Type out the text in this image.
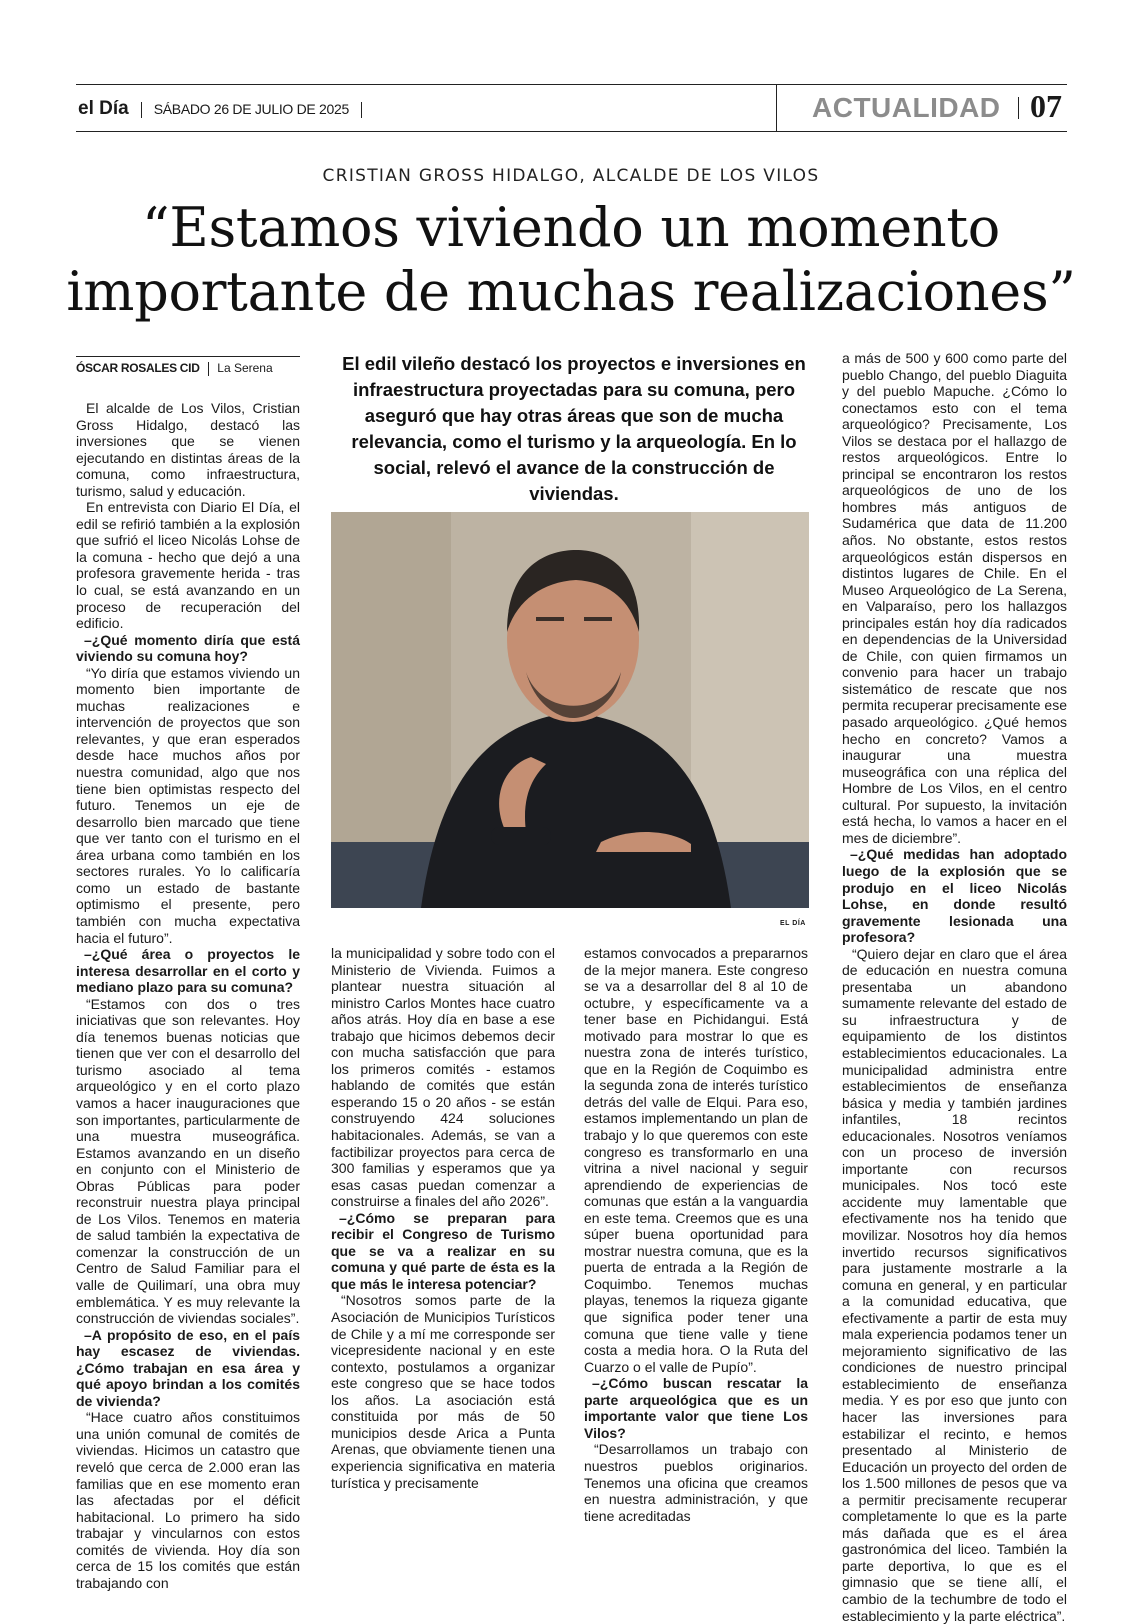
el Día SÁBADO 26 DE JULIO DE 2025	ACTUALIDAD 07
CRISTIAN GROSS HIDALGO, ALCALDE DE LOS VILOS
“Estamos viviendo un momento
importante de muchas realizaciones”
ÓSCAR ROSALES CID La Serena	El edil vileño destacó los proyectos e inversiones en infraestructura proyectadas para su comuna, pero aseguró que hay otras áreas que son de mucha relevancia, como el turismo y la arqueología. En lo social, relevó el avance de la construcción de viviendas.
EL DÍA

El alcalde de Los Vilos, Cristian Gross Hidalgo, destacó las inversiones que se vienen ejecutando en distintas áreas de la comuna, como infraestructura, turismo, salud y educación.

En entrevista con Diario El Día, el edil se refirió también a la explosión que sufrió el liceo Nicolás Lohse de la comuna - hecho que dejó a una profesora gravemente herida - tras lo cual, se está avanzando en un proceso de recuperación del edificio.

–¿Qué momento diría que está viviendo su comuna hoy?

“Yo diría que estamos viviendo un momento bien importante de muchas realizaciones e intervención de proyectos que son relevantes, y que eran esperados desde hace muchos años por nuestra comunidad, algo que nos tiene bien optimistas respecto del futuro. Tenemos un eje de desarrollo bien marcado que tiene que ver tanto con el turismo en el área urbana como también en los sectores rurales. Yo lo calificaría como un estado de bastante optimismo el presente, pero también con mucha expectativa hacia el futuro”.

–¿Qué área o proyectos le interesa desarrollar en el corto y mediano plazo para su comuna?

“Estamos con dos o tres iniciativas que son relevantes. Hoy día tenemos buenas noticias que tienen que ver con el desarrollo del turismo asociado al tema arqueológico y en el corto plazo vamos a hacer inauguraciones que son importantes, particularmente de una muestra museográfica. Estamos avanzando en un diseño en conjunto con el Ministerio de Obras Públicas para poder reconstruir nuestra playa principal de Los Vilos. Tenemos en materia de salud también la expectativa de comenzar la construcción de un Centro de Salud Familiar para el valle de Quilimarí, una obra muy emblemática. Y es muy relevante la construcción de viviendas sociales”.

–A propósito de eso, en el país hay escasez de viviendas. ¿Cómo trabajan en esa área y qué apoyo brindan a los comités de vivienda?

“Hace cuatro años constituimos una unión comunal de comités de viviendas. Hicimos un catastro que reveló que cerca de 2.000 eran las familias que en ese momento eran las afectadas por el déficit habitacional. Lo primero ha sido trabajar y vincularnos con estos comités de vivienda. Hoy día son cerca de 15 los comités que están trabajando con

la municipalidad y sobre todo con el Ministerio de Vivienda. Fuimos a plantear nuestra situación al ministro Carlos Montes hace cuatro años atrás. Hoy día en base a ese trabajo que hicimos debemos decir con mucha satisfacción que para los primeros comités - estamos hablando de comités que están esperando 15 o 20 años - se están construyendo 424 soluciones habitacionales. Además, se van a factibilizar proyectos para cerca de 300 familias y esperamos que ya esas casas puedan comenzar a construirse a finales del año 2026”.

–¿Cómo se preparan para recibir el Congreso de Turismo que se va a realizar en su comuna y qué parte de ésta es la que más le interesa potenciar?

“Nosotros somos parte de la Asociación de Municipios Turísticos de Chile y a mí me corresponde ser vicepresidente nacional y en este contexto, postulamos a organizar este congreso que se hace todos los años. La asociación está constituida por más de 50 municipios desde Arica a Punta Arenas, que obviamente tienen una experiencia significativa en materia turística y precisamente

estamos convocados a prepararnos de la mejor manera. Este congreso se va a desarrollar del 8 al 10 de octubre, y específicamente va a tener base en Pichidangui. Está motivado para mostrar lo que es nuestra zona de interés turístico, que en la Región de Coquimbo es la segunda zona de interés turístico detrás del valle de Elqui. Para eso, estamos implementando un plan de trabajo y lo que queremos con este congreso es transformarlo en una vitrina a nivel nacional y seguir aprendiendo de experiencias de comunas que están a la vanguardia en este tema. Creemos que es una súper buena oportunidad para mostrar nuestra comuna, que es la puerta de entrada a la Región de Coquimbo. Tenemos muchas playas, tenemos la riqueza gigante que significa poder tener una comuna que tiene valle y tiene costa a media hora. O la Ruta del Cuarzo o el valle de Pupío”.

–¿Cómo buscan rescatar la parte arqueológica que es un importante valor que tiene Los Vilos?

“Desarrollamos un trabajo con nuestros pueblos originarios. Tenemos una oficina que creamos en nuestra administración, y que tiene acreditadas

a más de 500 y 600 como parte del pueblo Chango, del pueblo Diaguita y del pueblo Mapuche. ¿Cómo lo conectamos esto con el tema arqueológico? Precisamente, Los Vilos se destaca por el hallazgo de restos arqueológicos. Entre lo principal se encontraron los restos arqueológicos de uno de los hombres más antiguos de Sudamérica que data de 11.200 años. No obstante, estos restos arqueológicos están dispersos en distintos lugares de Chile. En el Museo Arqueológico de La Serena, en Valparaíso, pero los hallazgos principales están hoy día radicados en dependencias de la Universidad de Chile, con quien firmamos un convenio para hacer un trabajo sistemático de rescate que nos permita recuperar precisamente ese pasado arqueológico. ¿Qué hemos hecho en concreto? Vamos a inaugurar una muestra museográfica con una réplica del Hombre de Los Vilos, en el centro cultural. Por supuesto, la invitación está hecha, lo vamos a hacer en el mes de diciembre”.

–¿Qué medidas han adoptado luego de la explosión que se produjo en el liceo Nicolás Lohse, en donde resultó gravemente lesionada una profesora?

“Quiero dejar en claro que el área de educación en nuestra comuna presentaba un abandono sumamente relevante del estado de su infraestructura y de equipamiento de los distintos establecimientos educacionales. La municipalidad administra entre establecimientos de enseñanza básica y media y también jardines infantiles, 18 recintos educacionales. Nosotros veníamos con un proceso de inversión importante con recursos municipales. Nos tocó este accidente muy lamentable que efectivamente nos ha tenido que movilizar. Nosotros hoy día hemos invertido recursos significativos para justamente mostrarle a la comuna en general, y en particular a la comunidad educativa, que efectivamente a partir de esta muy mala experiencia podamos tener un mejoramiento significativo de las condiciones de nuestro principal establecimiento de enseñanza media. Y es por eso que junto con hacer las inversiones para estabilizar el recinto, e hemos presentado al Ministerio de Educación un proyecto del orden de los 1.500 millones de pesos que va a permitir precisamente recuperar completamente lo que es la parte más dañada que es el área gastronómica del liceo. También la parte deportiva, lo que es el gimnasio que se tiene allí, el cambio de la techumbre de todo el establecimiento y la parte eléctrica”.
